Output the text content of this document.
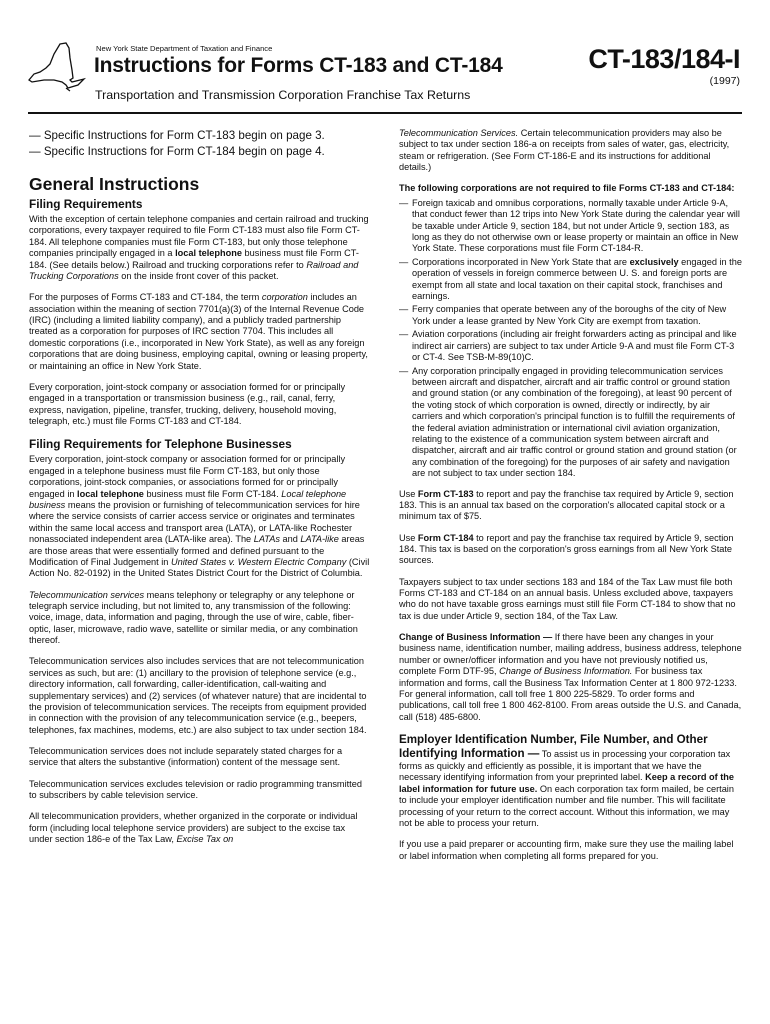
New York State Department of Taxation and Finance
Instructions for Forms CT-183 and CT-184	CT-183/184-I
(1997)
Transportation and Transmission Corporation Franchise Tax Returns

— Specific Instructions for Form CT-183 begin on page 3.

— Specific Instructions for Form CT-184 begin on page 4.

General Instructions
Filing Requirements

With the exception of certain telephone companies and certain railroad and trucking corporations, every taxpayer required to file Form CT-183 must also file Form CT-184. All telephone companies must file Form CT-183, but only those telephone companies principally engaged in a local telephone business must file Form CT-184. (See details below.) Railroad and trucking corporations refer to Railroad and Trucking Corporations on the inside front cover of this packet.

For the purposes of Forms CT-183 and CT-184, the term corporation includes an association within the meaning of section 7701(a)(3) of the Internal Revenue Code (IRC) (including a limited liability company), and a publicly traded partnership treated as a corporation for purposes of IRC section 7704. This includes all domestic corporations (i.e., incorporated in New York State), as well as any foreign corporations that are doing business, employing capital, owning or leasing property, or maintaining an office in New York State.

Every corporation, joint-stock company or association formed for or principally engaged in a transportation or transmission business (e.g., rail, canal, ferry, express, navigation, pipeline, transfer, trucking, delivery, household moving, telegraph, etc.) must file Forms CT-183 and CT-184.

Filing Requirements for Telephone Businesses

Every corporation, joint-stock company or association formed for or principally engaged in a telephone business must file Form CT-183, but only those corporations, joint-stock companies, or associations formed for or principally engaged in local telephone business must file Form CT-184. Local telephone business means the provision or furnishing of telecommunication services for hire where the service consists of carrier access service or originates and terminates within the same local access and transport area (LATA), or LATA-like Rochester nonassociated independent area (LATA-like area). The LATAs and LATA-like areas are those areas that were essentially formed and defined pursuant to the Modification of Final Judgement in United States v. Western Electric Company (Civil Action No. 82-0192) in the United States District Court for the District of Columbia.

Telecommunication services means telephony or telegraphy or any telephone or telegraph service including, but not limited to, any transmission of the following: voice, image, data, information and paging, through the use of wire, cable, fiber-optic, laser, microwave, radio wave, satellite or similar media, or any combination thereof.

Telecommunication services also includes services that are not telecommunication services as such, but are: (1) ancillary to the provision of telephone service (e.g., directory information, call forwarding, caller-identification, call-waiting and supplementary services) and (2) services (of whatever nature) that are incidental to the provision of telecommunication services. The receipts from equipment provided in connection with the provision of any telecommunication service (e.g., beepers, telephones, fax machines, modems, etc.) are also subject to tax under section 184.

Telecommunication services does not include separately stated charges for a service that alters the substantive (information) content of the message sent.

Telecommunication services excludes television or radio programming transmitted to subscribers by cable television service.

All telecommunication providers, whether organized in the corporate or individual form (including local telephone service providers) are subject to the excise tax under section 186-e of the Tax Law, Excise Tax on

Telecommunication Services. Certain telecommunication providers may also be subject to tax under section 186-a on receipts from sales of water, gas, electricity, steam or refrigeration. (See Form CT-186-E and its instructions for additional details.)

The following corporations are not required to file Forms CT-183 and CT-184:

— Foreign taxicab and omnibus corporations, normally taxable under Article 9-A, that conduct fewer than 12 trips into New York State during the calendar year will be taxable under Article 9, section 184, but not under Article 9, section 183, as long as they do not otherwise own or lease property or maintain an office in New York State. These corporations must file Form CT-184-R.
— Corporations incorporated in New York State that are exclusively engaged in the operation of vessels in foreign commerce between U. S. and foreign ports are exempt from all state and local taxation on their capital stock, franchises and earnings.
— Ferry companies that operate between any of the boroughs of the city of New York under a lease granted by New York City are exempt from taxation.
— Aviation corporations (including air freight forwarders acting as principal and like indirect air carriers) are subject to tax under Article 9-A and must file Form CT-3 or CT-4. See TSB-M-89(10)C.
— Any corporation principally engaged in providing telecommunication services between aircraft and dispatcher, aircraft and air traffic control or ground station and ground station (or any combination of the foregoing), at least 90 percent of the voting stock of which corporation is owned, directly or indirectly, by air carriers and which corporation's principal function is to fulfill the requirements of the federal aviation administration or international civil aviation organization, relating to the existence of a communication system between aircraft and dispatcher, aircraft and air traffic control or ground station and ground station (or any combination of the foregoing) for the purposes of air safety and navigation are not subject to tax under section 184.

Use Form CT-183 to report and pay the franchise tax required by Article 9, section 183. This is an annual tax based on the corporation's allocated capital stock or a minimum tax of $75.

Use Form CT-184 to report and pay the franchise tax required by Article 9, section 184. This tax is based on the corporation's gross earnings from all New York State sources.

Taxpayers subject to tax under sections 183 and 184 of the Tax Law must file both Forms CT-183 and CT-184 on an annual basis. Unless excluded above, taxpayers who do not have taxable gross earnings must still file Form CT-184 to show that no tax is due under Article 9, section 184, of the Tax Law.

Change of Business Information — If there have been any changes in your business name, identification number, mailing address, business address, telephone number or owner/officer information and you have not previously notified us, complete Form DTF-95, Change of Business Information. For business tax information and forms, call the Business Tax Information Center at 1 800 972-1233. For general information, call toll free 1 800 225-5829. To order forms and publications, call toll free 1 800 462-8100. From areas outside the U.S. and Canada, call (518) 485-6800.

Employer Identification Number, File Number, and Other Identifying Information — To assist us in processing your corporation tax forms as quickly and efficiently as possible, it is important that we have the necessary identifying information from your preprinted label. Keep a record of the label information for future use. On each corporation tax form mailed, be certain to include your employer identification number and file number. This will facilitate processing of your return to the correct account. Without this information, we may not be able to process your return.

If you use a paid preparer or accounting firm, make sure they use the mailing label or label information when completing all forms prepared for you.
